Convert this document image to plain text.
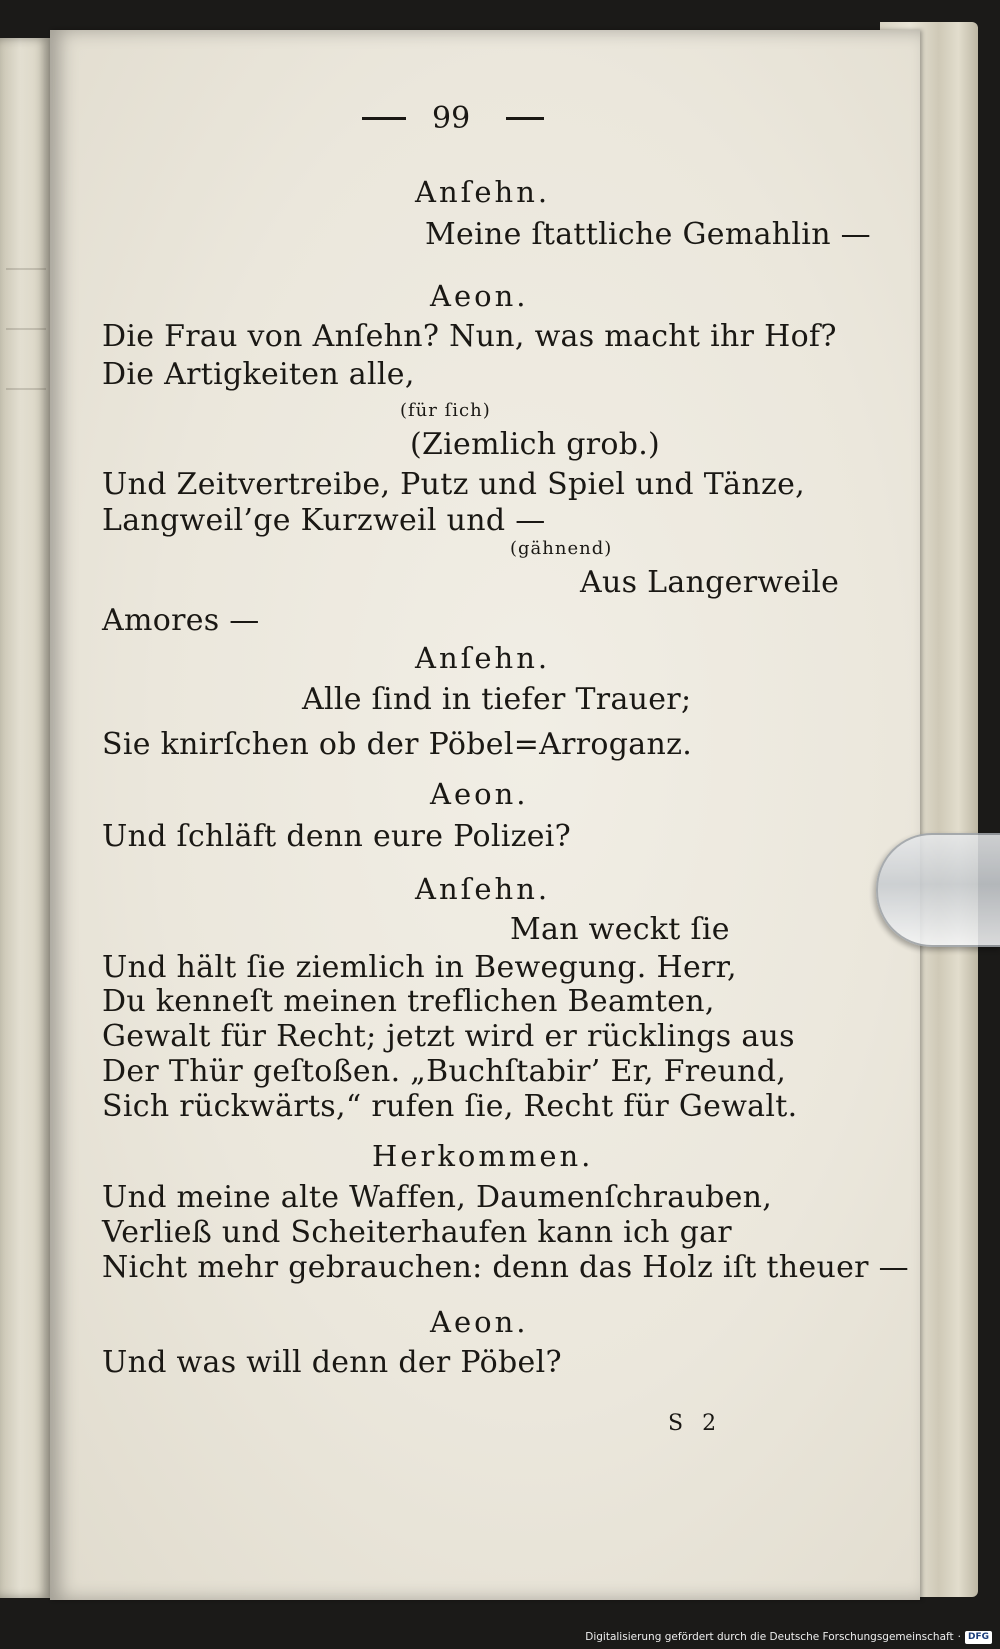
99
Anſehn.
Meine ſtattliche Gemahlin —
Aeon.
Die Frau von Anſehn? Nun, was macht ihr Hof?
Die Artigkeiten alle,
(für ſich)
(Ziemlich grob.)
Und Zeitvertreibe, Putz und Spiel und Tänze,
Langweil’ge Kurzweil und —
(gähnend)
Aus Langerweile
Amores —
Anſehn.
Alle ſind in tiefer Trauer;
Sie knirſchen ob der Pöbel=Arroganz.
Aeon.
Und ſchläft denn eure Polizei?
Anſehn.
Man weckt ſie
Und hält ſie ziemlich in Bewegung. Herr,
Du kenneſt meinen treflichen Beamten,
Gewalt für Recht; jetzt wird er rücklings aus
Der Thür geſtoßen. „Buchſtabir’ Er, Freund,
Sich rückwärts,“ rufen ſie, Recht für Gewalt.
Herkommen.
Und meine alte Waffen, Daumenſchrauben,
Verließ und Scheiterhaufen kann ich gar
Nicht mehr gebrauchen: denn das Holz iſt theuer —
Aeon.
Und was will denn der Pöbel?
S 2
Digitalisierung gefördert durch die Deutsche Forschungsgemeinschaft · DFG
